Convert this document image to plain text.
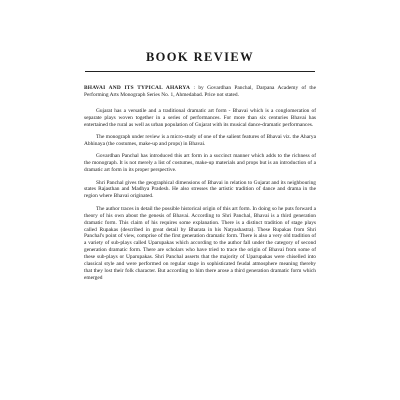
BOOK REVIEW

BHAVAI AND ITS TYPICAL AHARYA : by Govardhan Panchal, Darpana Academy of the Performing Arts Monograph Series No. 1, Ahmedabad. Price not stated.

Gujarat has a versatile and a traditional dramatic art form - Bhavai which is a conglomeration of separate plays woven together in a series of performances. For more than six centuries Bhavai has entertained the rural as well as urban population of Gujarat with its musical dance-dramatic performances.

The monograph under review is a micro-study of one of the salient features of Bhavai viz. the Aharya Abhinaya (the costumes, make-up and props) in Bhavai.

Govardhan Panchal has introduced this art form in a succinct manner which adds to the richness of the monograph. It is not merely a list of costumes, make-up materials and props but is an introduction of a dramatic art form in its proper perspective.

Shri Panchal gives the geographical dimensions of Bhavai in relation to Gujarat and its neighbouring states Rajasthan and Madhya Pradesh. He also stresses the artistic tradition of dance and drama in the region where Bhavai originated.

The author traces in detail the possible historical origin of this art form. In doing so he puts forward a theory of his own about the genesis of Bhavai. According to Shri Panchal, Bhavai is a third generation dramatic form. This claim of his requires some explanation. There is a distinct tradition of stage plays called Rupakas (described in great detail by Bharata in his Natyashastra). These Rupakas from Shri Panchal's point of view, comprise of the first generation dramatic form. There is also a very old tradition of a variety of sub-plays called Uparupakas which according to the author fall under the category of second generation dramatic form. There are scholars who have tried to trace the origin of Bhavai from some of these sub-plays or Uparupakas. Shri Panchal asserts that the majority of Uparupakas were chiselled into classical style and were performed on regular stage in sophisticated feudal atmosphere meaning thereby that they lost their folk character. But according to him there arose a third generation dramatic form which emerged
